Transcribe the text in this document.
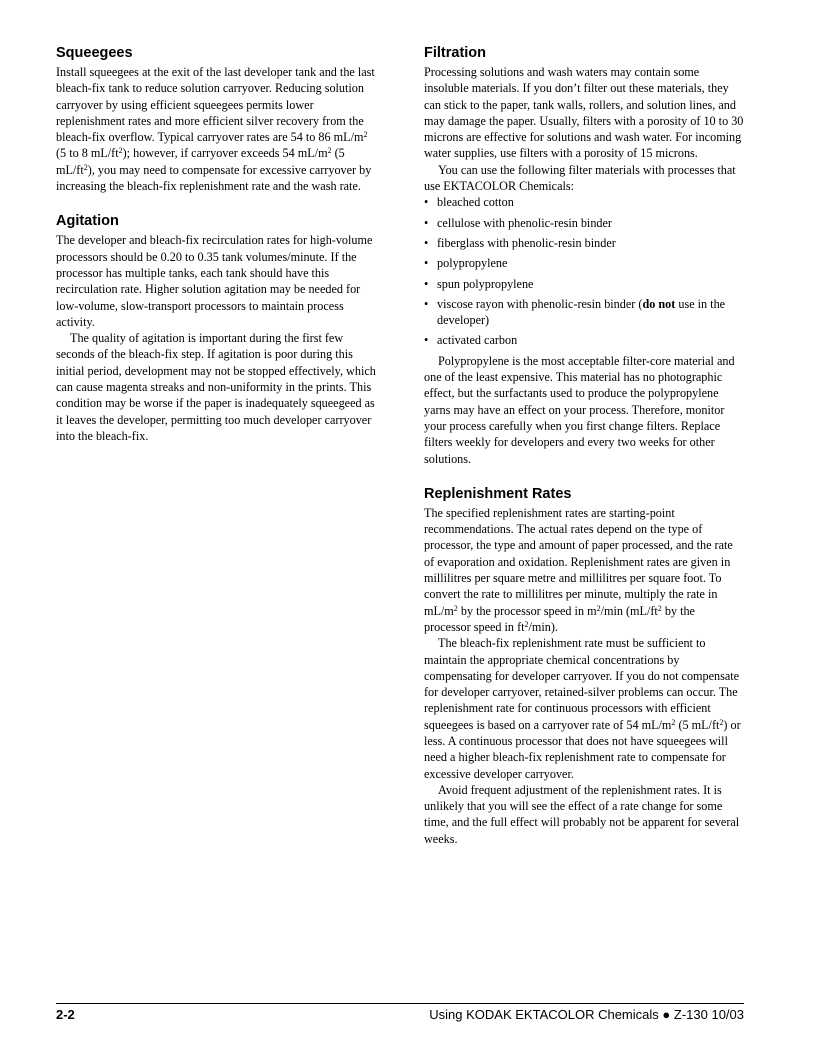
Squeegees

Install squeegees at the exit of the last developer tank and the last bleach-fix tank to reduce solution carryover. Reducing solution carryover by using efficient squeegees permits lower replenishment rates and more efficient silver recovery from the bleach-fix overflow. Typical carryover rates are 54 to 86 $mL/m^2$ (5 to 8 $mL/ft^2$); however, if carryover exceeds 54 $mL/m^2$ (5 $mL/ft^2$), you may need to compensate for excessive carryover by increasing the bleach-fix replenishment rate and the wash rate.

Agitation

The developer and bleach-fix recirculation rates for high-volume processors should be 0.20 to 0.35 tank volumes/minute. If the processor has multiple tanks, each tank should have this recirculation rate. Higher solution agitation may be needed for low-volume, slow-transport processors to maintain process activity.

The quality of agitation is important during the first few seconds of the bleach-fix step. If agitation is poor during this initial period, development may not be stopped effectively, which can cause magenta streaks and non-uniformity in the prints. This condition may be worse if the paper is inadequately squeegeed as it leaves the developer, permitting too much developer carryover into the bleach-fix.

Filtration

Processing solutions and wash waters may contain some insoluble materials. If you don’t filter out these materials, they can stick to the paper, tank walls, rollers, and solution lines, and may damage the paper. Usually, filters with a porosity of 10 to 30 microns are effective for solutions and wash water. For incoming water supplies, use filters with a porosity of 15 microns.

You can use the following filter materials with processes that use EKTACOLOR Chemicals:

• bleached cotton
• cellulose with phenolic-resin binder
• fiberglass with phenolic-resin binder
• polypropylene
• spun polypropylene
• viscose rayon with phenolic-resin binder (do not use in the developer)
• activated carbon

Polypropylene is the most acceptable filter-core material and one of the least expensive. This material has no photographic effect, but the surfactants used to produce the polypropylene yarns may have an effect on your process. Therefore, monitor your process carefully when you first change filters. Replace filters weekly for developers and every two weeks for other solutions.

Replenishment Rates

The specified replenishment rates are starting-point recommendations. The actual rates depend on the type of processor, the type and amount of paper processed, and the rate of evaporation and oxidation. Replenishment rates are given in millilitres per square metre and millilitres per square foot. To convert the rate to millilitres per minute, multiply the rate in $mL/m^2$ by the processor speed in $m^2/\min$ ($mL/ft^2$ by the processor speed in $ft^2/\min$).

The bleach-fix replenishment rate must be sufficient to maintain the appropriate chemical concentrations by compensating for developer carryover. If you do not compensate for developer carryover, retained-silver problems can occur. The replenishment rate for continuous processors with efficient squeegees is based on a carryover rate of 54 $mL/m^2$ (5 $mL/ft^2$) or less. A continuous processor that does not have squeegees will need a higher bleach-fix replenishment rate to compensate for excessive developer carryover.

Avoid frequent adjustment of the replenishment rates. It is unlikely that you will see the effect of a rate change for some time, and the full effect will probably not be apparent for several weeks.

2-2	Using KODAK EKTACOLOR Chemicals ● Z-130 10/03
